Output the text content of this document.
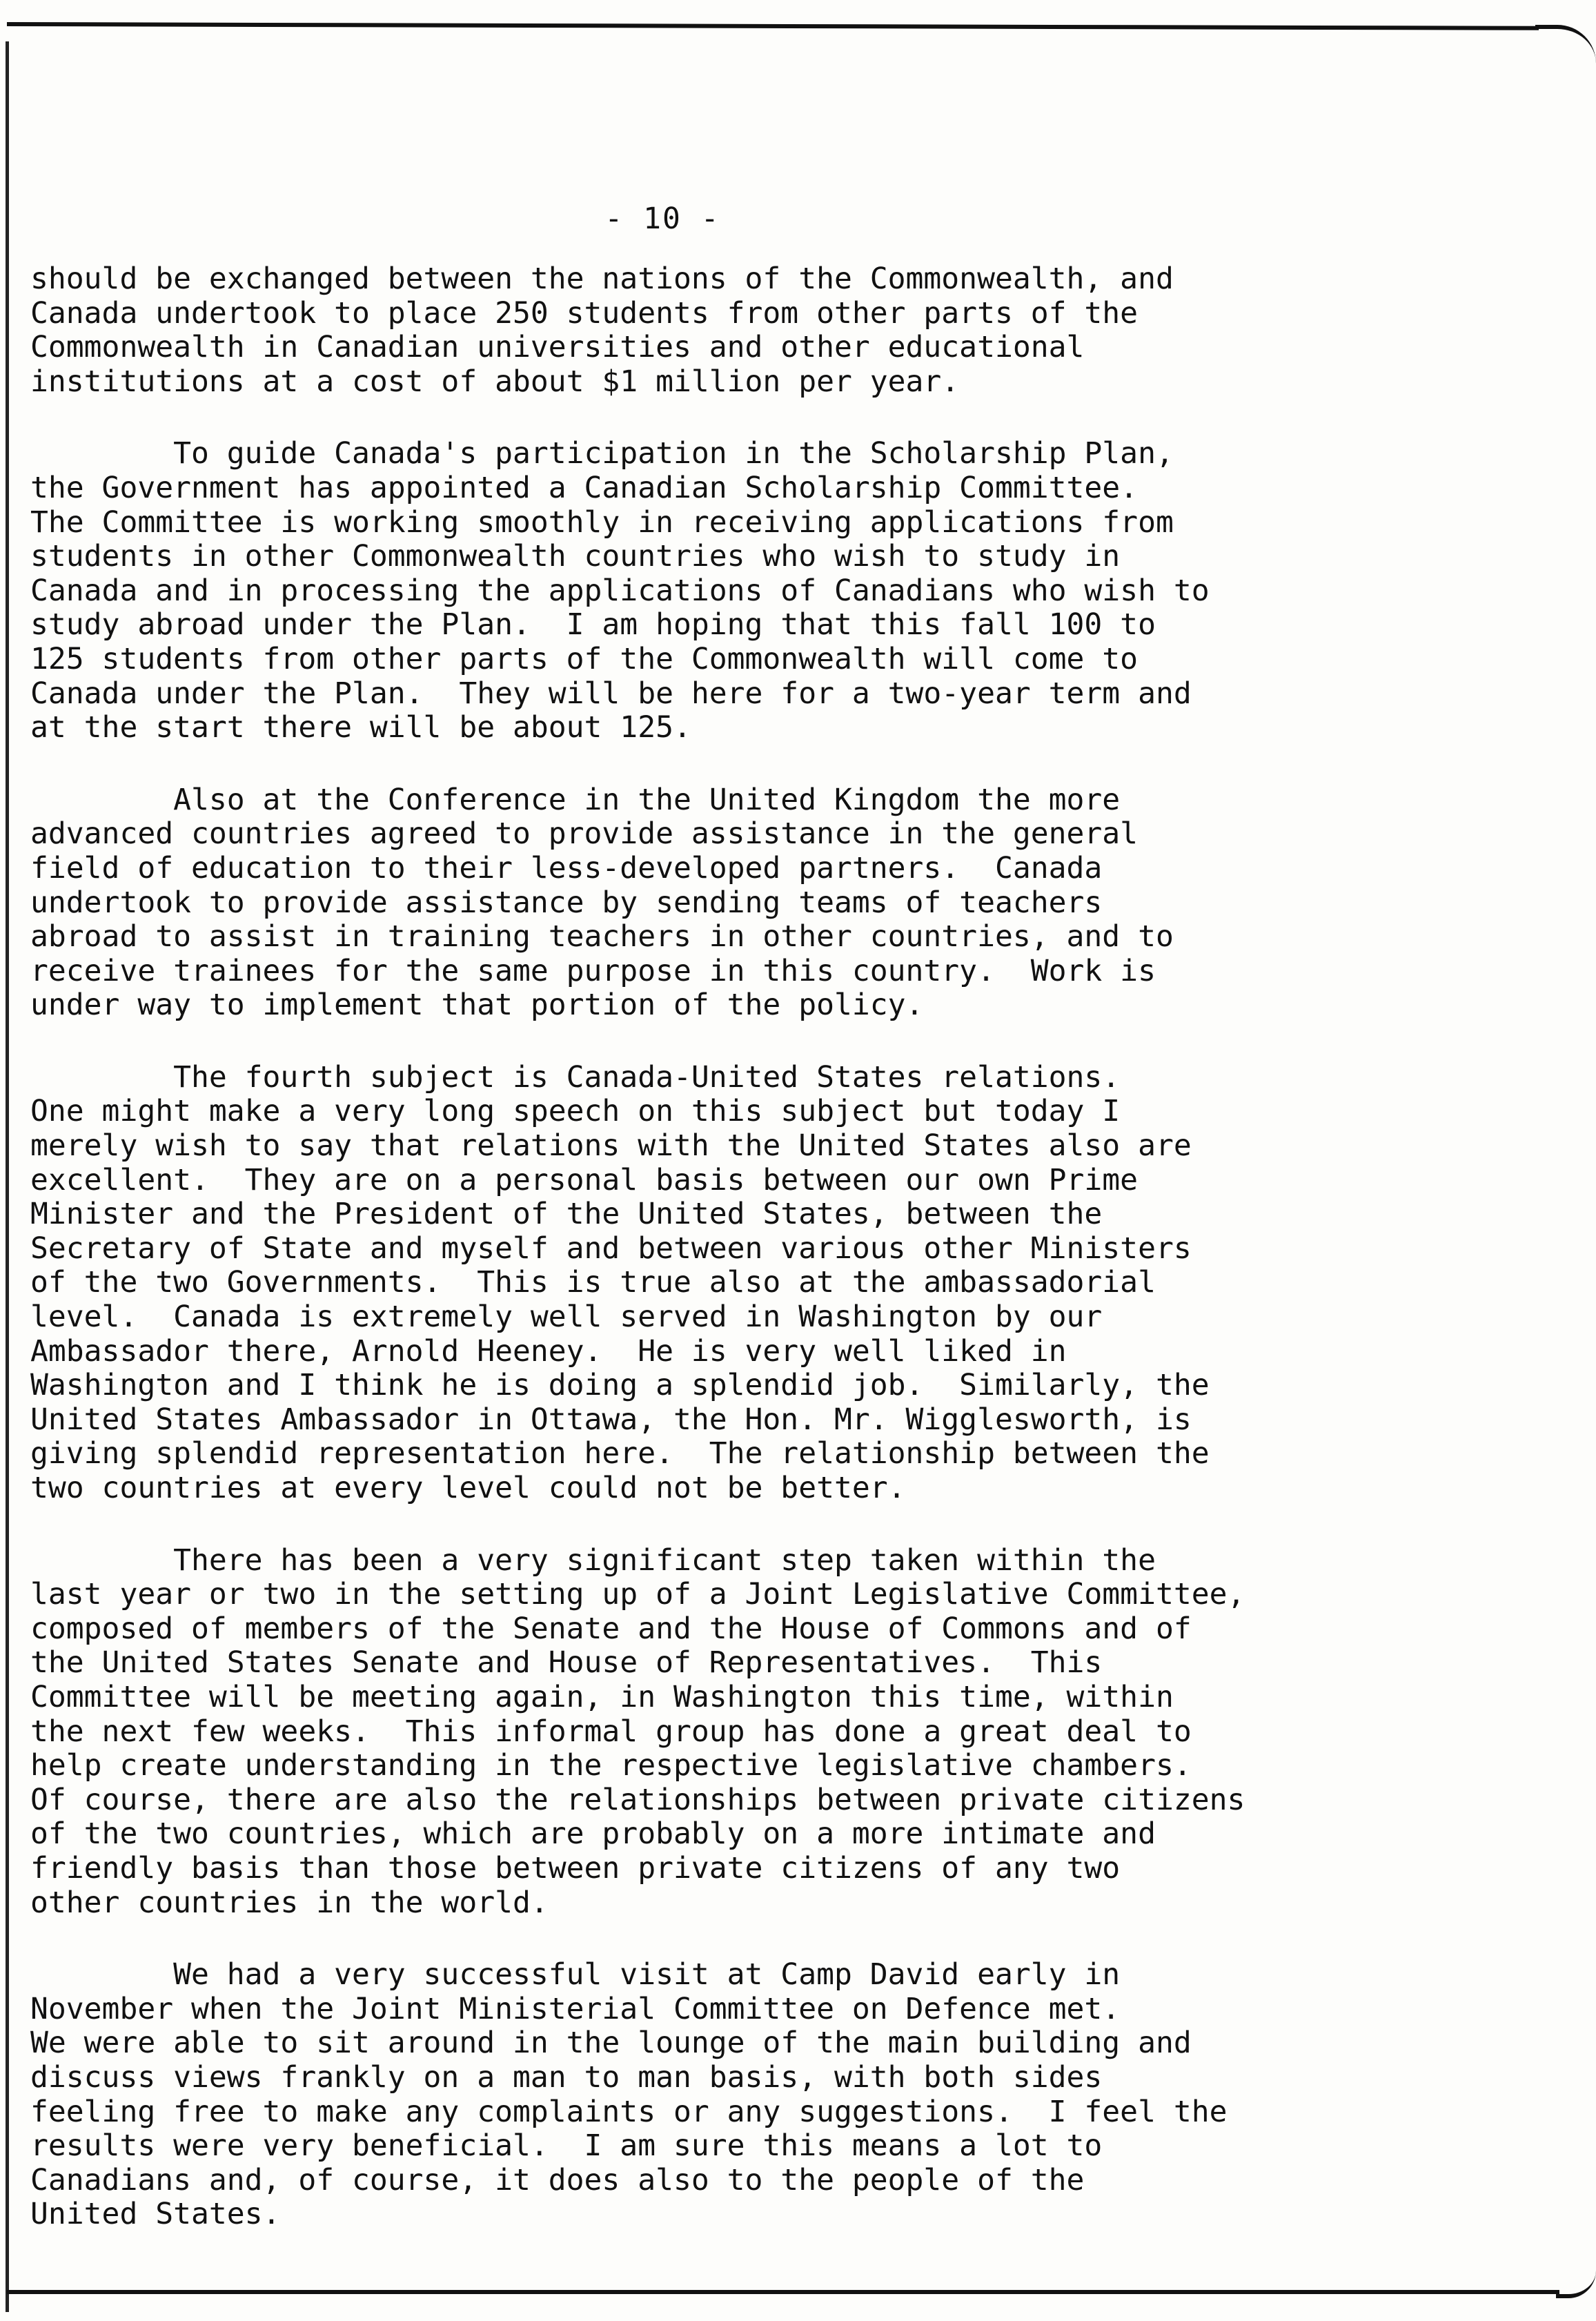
- 10 -
should be exchanged between the nations of the Commonwealth, and
Canada undertook to place 250 students from other parts of the
Commonwealth in Canadian universities and other educational
institutions at a cost of about $1 million per year.
To guide Canada's participation in the Scholarship Plan,
the Government has appointed a Canadian Scholarship Committee.
The Committee is working smoothly in receiving applications from
students in other Commonwealth countries who wish to study in
Canada and in processing the applications of Canadians who wish to
study abroad under the Plan.  I am hoping that this fall 100 to
125 students from other parts of the Commonwealth will come to
Canada under the Plan.  They will be here for a two-year term and
at the start there will be about 125.
Also at the Conference in the United Kingdom the more
advanced countries agreed to provide assistance in the general
field of education to their less-developed partners.  Canada
undertook to provide assistance by sending teams of teachers
abroad to assist in training teachers in other countries, and to
receive trainees for the same purpose in this country.  Work is
under way to implement that portion of the policy.
The fourth subject is Canada-United States relations.
One might make a very long speech on this subject but today I
merely wish to say that relations with the United States also are
excellent.  They are on a personal basis between our own Prime
Minister and the President of the United States, between the
Secretary of State and myself and between various other Ministers
of the two Governments.  This is true also at the ambassadorial
level.  Canada is extremely well served in Washington by our
Ambassador there, Arnold Heeney.  He is very well liked in
Washington and I think he is doing a splendid job.  Similarly, the
United States Ambassador in Ottawa, the Hon. Mr. Wigglesworth, is
giving splendid representation here.  The relationship between the
two countries at every level could not be better.
There has been a very significant step taken within the
last year or two in the setting up of a Joint Legislative Committee,
composed of members of the Senate and the House of Commons and of
the United States Senate and House of Representatives.  This
Committee will be meeting again, in Washington this time, within
the next few weeks.  This informal group has done a great deal to
help create understanding in the respective legislative chambers.
Of course, there are also the relationships between private citizens
of the two countries, which are probably on a more intimate and
friendly basis than those between private citizens of any two
other countries in the world.
We had a very successful visit at Camp David early in
November when the Joint Ministerial Committee on Defence met.
We were able to sit around in the lounge of the main building and
discuss views frankly on a man to man basis, with both sides
feeling free to make any complaints or any suggestions.  I feel the
results were very beneficial.  I am sure this means a lot to
Canadians and, of course, it does also to the people of the
United States.
